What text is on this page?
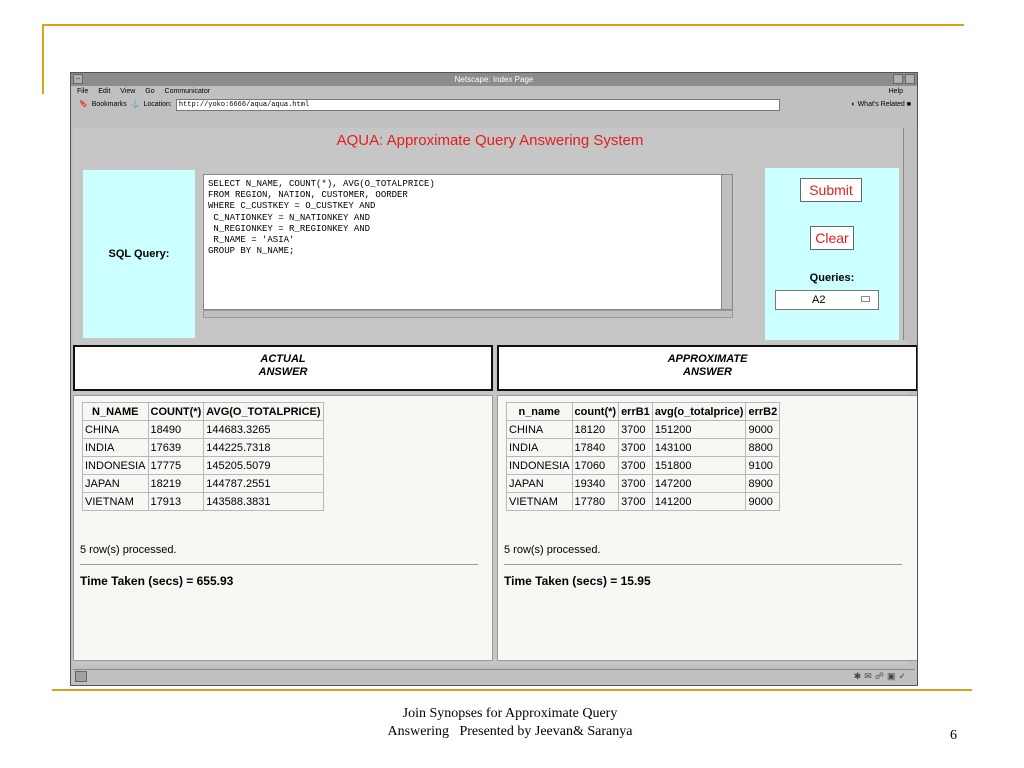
–	Netscape: Index Page
File Edit View Go Communicator	Help
🔖 Bookmarks ⚓ Location:	http://yoko:6666/aqua/aqua.html	◐ What's Related ■
AQUA: Approximate Query Answering System
SQL Query:
SELECT N_NAME, COUNT(*), AVG(O_TOTALPRICE)
FROM REGION, NATION, CUSTOMER, OORDER
WHERE C_CUSTKEY = O_CUSTKEY AND
C_NATIONKEY = N_NATIONKEY AND
N_REGIONKEY = R_REGIONKEY AND
R_NAME = 'ASIA'
GROUP BY N_NAME;
Submit
Clear
Queries:
A2
ACTUAL
ANSWER
APPROXIMATE
ANSWER
N_NAME	COUNT(*)	AVG(O_TOTALPRICE)
CHINA	18490	144683.3265
INDIA	17639	144225.7318
INDONESIA	17775	145205.5079
JAPAN	18219	144787.2551
VIETNAM	17913	143588.3831
5 row(s) processed.
Time Taken (secs) = 655.93
n_name	count(*)	errB1	avg(o_totalprice)	errB2
CHINA	18120	3700	151200	9000
INDIA	17840	3700	143100	8800
INDONESIA	17060	3700	151800	9100
JAPAN	19340	3700	147200	8900
VIETNAM	17780	3700	141200	9000
5 row(s) processed.
Time Taken (secs) = 15.95
✱✉☍▣✓
Join Synopses for Approximate Query
Answering   Presented by Jeevan& Saranya	6
